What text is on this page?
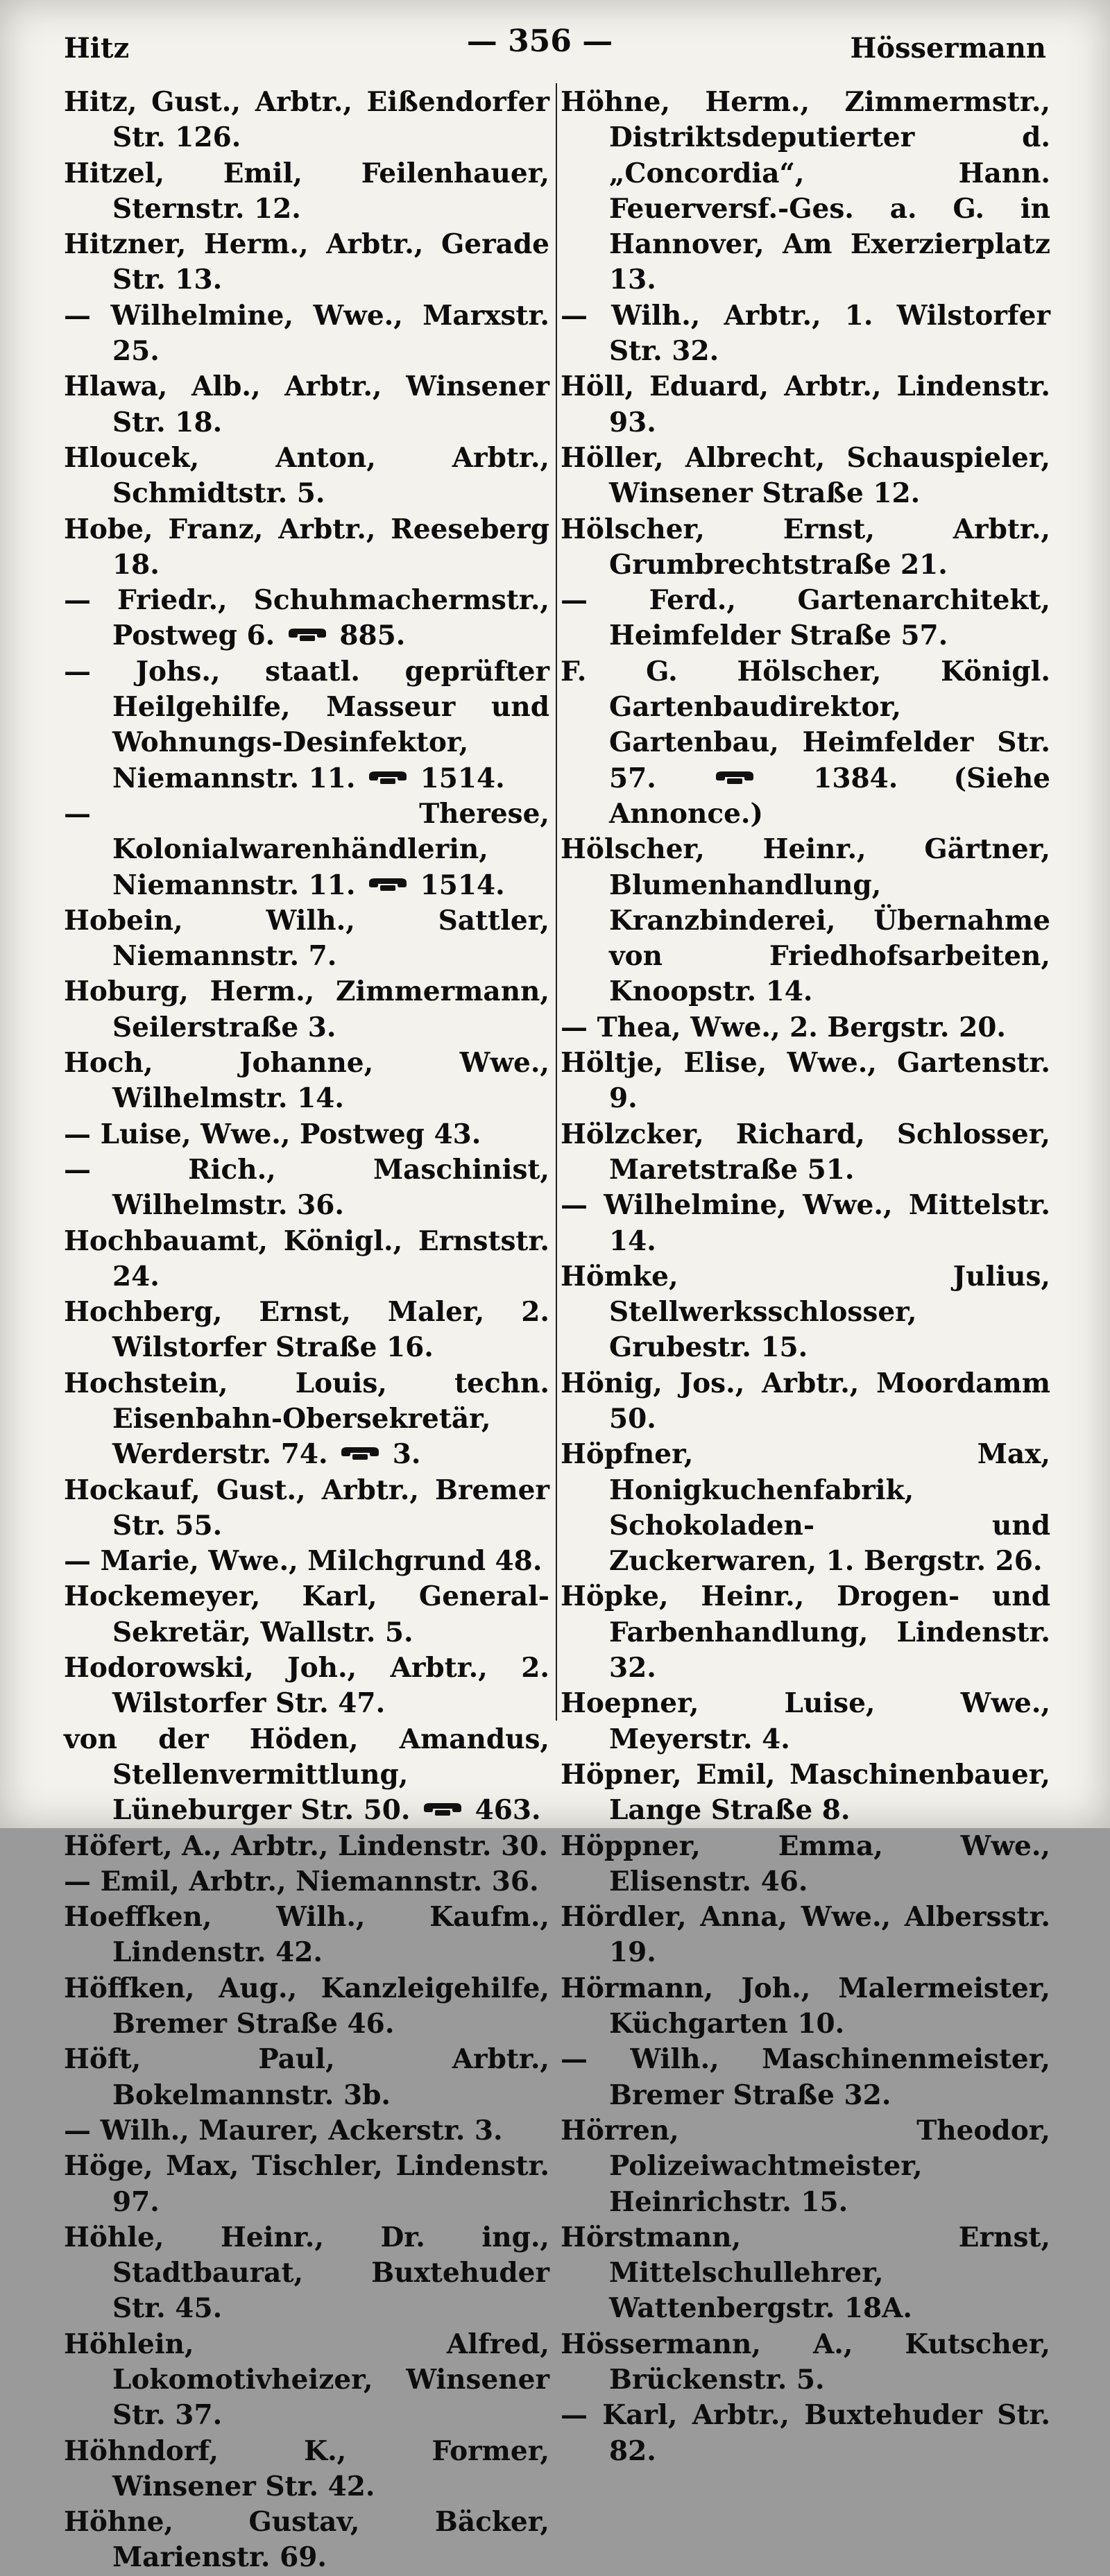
Hitz	— 356 —	Hössermann

Hitz, Gust., Arbtr., Eißendorfer Str. 126.

Hitzel, Emil, Feilenhauer, Sternstr. 12.

Hitzner, Herm., Arbtr., Gerade Str. 13.

— Wilhelmine, Wwe., Marxstr. 25.

Hlawa, Alb., Arbtr., Winsener Str. 18.

Hloucek, Anton, Arbtr., Schmidtstr. 5.

Hobe, Franz, Arbtr., Reeseberg 18.

— Friedr., Schuhmachermstr., Postweg 6.
885.

— Johs., staatl. geprüfter Heilgehilfe, Masseur und Wohnungs-Desinfektor, Niemannstr. 11.
1514.

— Therese, Kolonialwarenhändlerin, Niemannstr. 11.
1514.

Hobein, Wilh., Sattler, Niemannstr. 7.

Hoburg, Herm., Zimmermann, Seilerstraße 3.

Hoch, Johanne, Wwe., Wilhelmstr. 14.

— Luise, Wwe., Postweg 43.

— Rich., Maschinist, Wilhelmstr. 36.

Hochbauamt, Königl., Ernststr. 24.

Hochberg, Ernst, Maler, 2. Wilstorfer Straße 16.

Hochstein, Louis, techn. Eisenbahn-Obersekretär, Werderstr. 74.
3.

Hockauf, Gust., Arbtr., Bremer Str. 55.

— Marie, Wwe., Milchgrund 48.

Hockemeyer, Karl, General-Sekretär, Wallstr. 5.

Hodorowski, Joh., Arbtr., 2. Wilstorfer Str. 47.

von der Höden, Amandus, Stellenvermittlung, Lüneburger Str. 50.
463.

Höfert, A., Arbtr., Lindenstr. 30.

— Emil, Arbtr., Niemannstr. 36.

Hoeffken, Wilh., Kaufm., Lindenstr. 42.

Höffken, Aug., Kanzleigehilfe, Bremer Straße 46.

Höft, Paul, Arbtr., Bokelmannstr. 3b.

— Wilh., Maurer, Ackerstr. 3.

Höge, Max, Tischler, Lindenstr. 97.

Höhle, Heinr., Dr. ing., Stadtbaurat, Buxtehuder Str. 45.

Höhlein, Alfred, Lokomotivheizer, Winsener Str. 37.

Höhndorf, K., Former, Winsener Str. 42.

Höhne, Gustav, Bäcker, Marienstr. 69.

Höhne, Herm., Zimmermstr., Distriktsdeputierter d. „Concordia“, Hann. Feuerversf.-Ges. a. G. in Hannover, Am Exerzierplatz 13.

— Wilh., Arbtr., 1. Wilstorfer Str. 32.

Höll, Eduard, Arbtr., Lindenstr. 93.

Höller, Albrecht, Schauspieler, Winsener Straße 12.

Hölscher, Ernst, Arbtr., Grumbrechtstraße 21.

— Ferd., Gartenarchitekt, Heimfelder Straße 57.

F. G. Hölscher, Königl. Gartenbaudirektor, Gartenbau, Heimfelder Str. 57.
1384. (Siehe Annonce.)

Hölscher, Heinr., Gärtner, Blumenhandlung, Kranzbinderei, Übernahme von Friedhofsarbeiten, Knoopstr. 14.

— Thea, Wwe., 2. Bergstr. 20.

Höltje, Elise, Wwe., Gartenstr. 9.

Hölzcker, Richard, Schlosser, Maretstraße 51.

— Wilhelmine, Wwe., Mittelstr. 14.

Hömke, Julius, Stellwerksschlosser, Grubestr. 15.

Hönig, Jos., Arbtr., Moordamm 50.

Höpfner, Max, Honigkuchenfabrik, Schokoladen- und Zuckerwaren, 1. Bergstr. 26.

Höpke, Heinr., Drogen- und Farbenhandlung, Lindenstr. 32.

Hoepner, Luise, Wwe., Meyerstr. 4.

Höpner, Emil, Maschinenbauer, Lange Straße 8.

Höppner, Emma, Wwe., Elisenstr. 46.

Hördler, Anna, Wwe., Albersstr. 19.

Hörmann, Joh., Malermeister, Küchgarten 10.

— Wilh., Maschinenmeister, Bremer Straße 32.

Hörren, Theodor, Polizeiwachtmeister, Heinrichstr. 15.

Hörstmann, Ernst, Mittelschullehrer, Wattenbergstr. 18A.

Hössermann, A., Kutscher, Brückenstr. 5.

— Karl, Arbtr., Buxtehuder Str. 82.
